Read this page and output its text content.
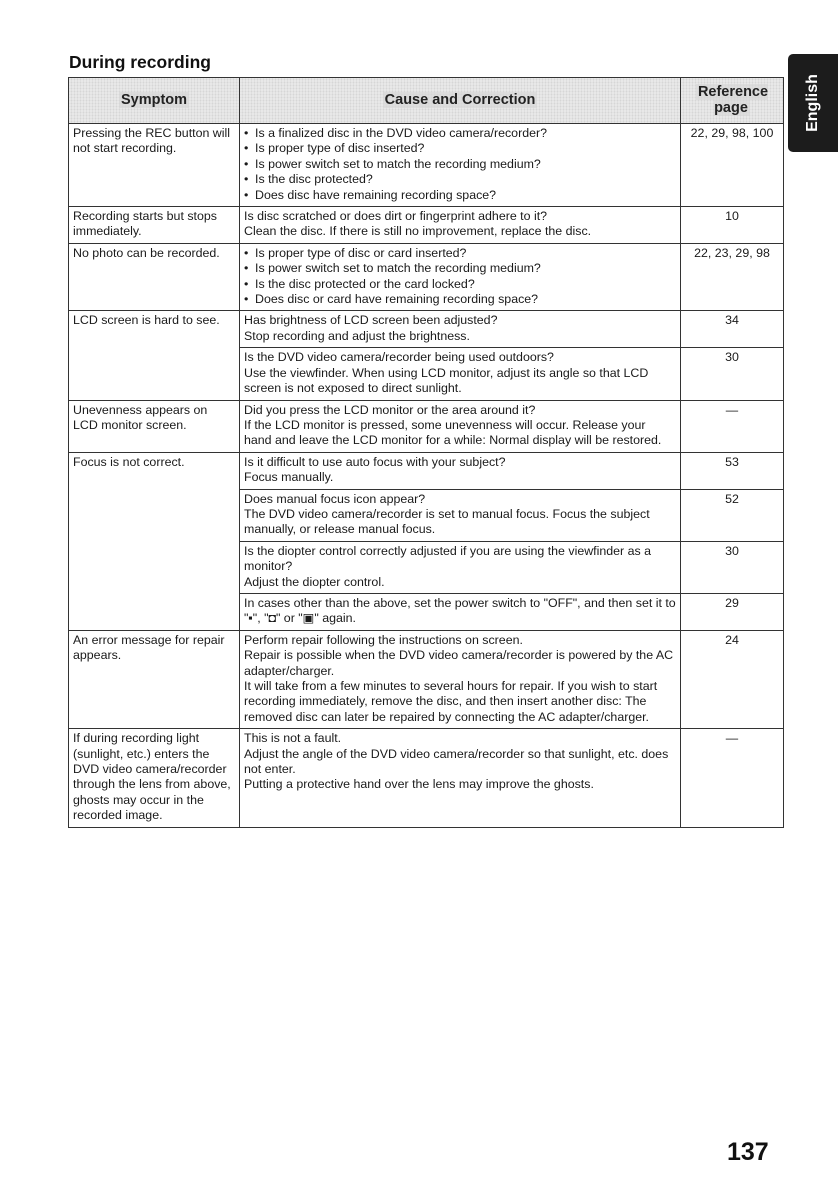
During recording
English
Symptom	Cause and Correction	Reference page

Pressing the REC button will not start recording.	• Is a finalized disc in the DVD video camera/recorder?
• Is proper type of disc inserted?
• Is power switch set to match the recording medium?
• Is the disc protected?
• Does disc have remaining recording space?	22, 29, 98, 100

Recording starts but stops immediately.	Is disc scratched or does dirt or fingerprint adhere to it?
Clean the disc. If there is still no improvement, replace the disc.	10

No photo can be recorded.	• Is proper type of disc or card inserted?
• Is power switch set to match the recording medium?
• Is the disc protected or the card locked?
• Does disc or card have remaining recording space?	22, 23, 29, 98

LCD screen is hard to see.	Has brightness of LCD screen been adjusted?
Stop recording and adjust the brightness.	34

	Is the DVD video camera/recorder being used outdoors?
Use the viewfinder. When using LCD monitor, adjust its angle so that LCD screen is not exposed to direct sunlight.	30

Unevenness appears on LCD monitor screen.	Did you press the LCD monitor or the area around it?
If the LCD monitor is pressed, some unevenness will occur. Release your hand and leave the LCD monitor for a while: Normal display will be restored.	—

Focus is not correct.	Is it difficult to use auto focus with your subject?
Focus manually.	53

	Does manual focus icon appear?
The DVD video camera/recorder is set to manual focus. Focus the subject manually, or release manual focus.	52

	Is the diopter control correctly adjusted if you are using the viewfinder as a monitor?
Adjust the diopter control.	30

	In cases other than the above, set the power switch to "OFF", and then set it to "▪", "◘" or "▣" again.	29

An error message for repair appears.	Perform repair following the instructions on screen.
Repair is possible when the DVD video camera/recorder is powered by the AC adapter/charger.
It will take from a few minutes to several hours for repair. If you wish to start recording immediately, remove the disc, and then insert another disc: The removed disc can later be repaired by connecting the AC adapter/charger.	24

If during recording light (sunlight, etc.) enters the DVD video camera/recorder through the lens from above, ghosts may occur in the recorded image.	This is not a fault.
Adjust the angle of the DVD video camera/recorder so that sunlight, etc. does not enter.
Putting a protective hand over the lens may improve the ghosts.	—
137
